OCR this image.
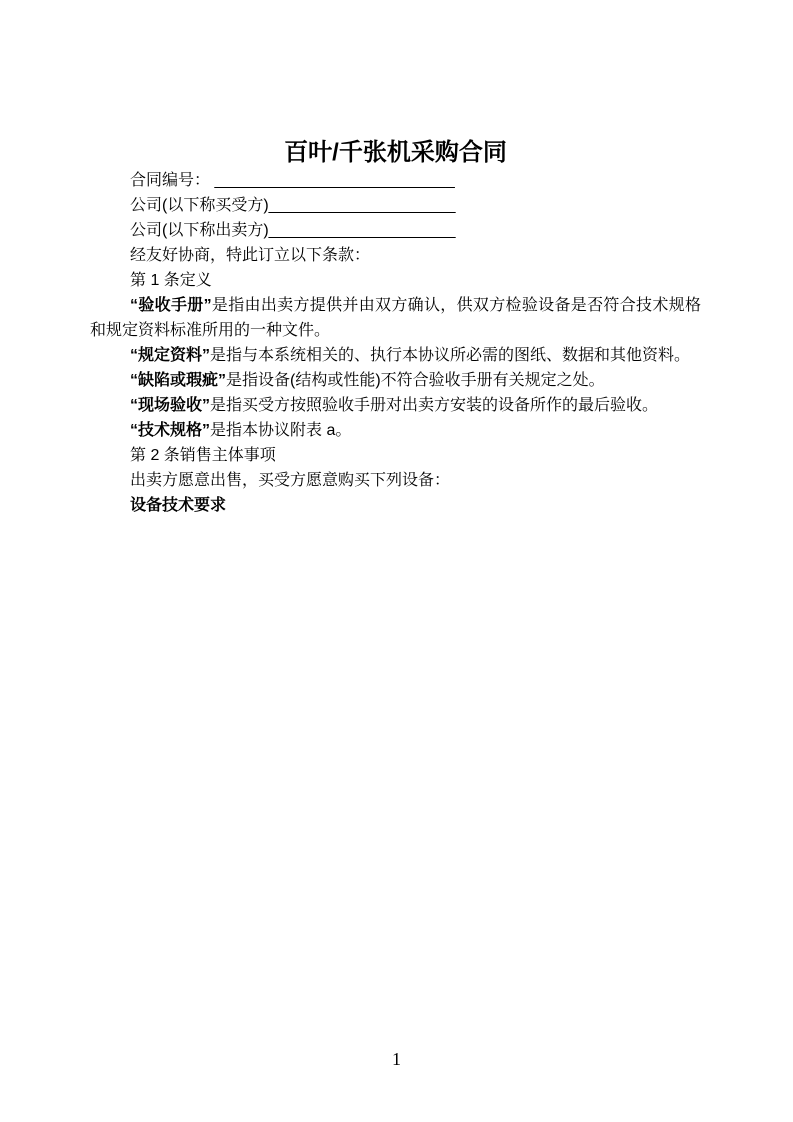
百叶/千张机采购合同

合同编号： ___________________________

公司(以下称买受方)_____________________

公司(以下称出卖方)_____________________

经友好协商，特此订立以下条款：

第 1 条定义

“验收手册”是指由出卖方提供并由双方确认，供双方检验设备是否符合技术规格和规定资料标准所用的一种文件。

“规定资料”是指与本系统相关的、执行本协议所必需的图纸、数据和其他资料。

“缺陷或瑕疵”是指设备(结构或性能)不符合验收手册有关规定之处。

“现场验收”是指买受方按照验收手册对出卖方安装的设备所作的最后验收。

“技术规格”是指本协议附表 a。

第 2 条销售主体事项

出卖方愿意出售，买受方愿意购买下列设备：

设备技术要求

1
